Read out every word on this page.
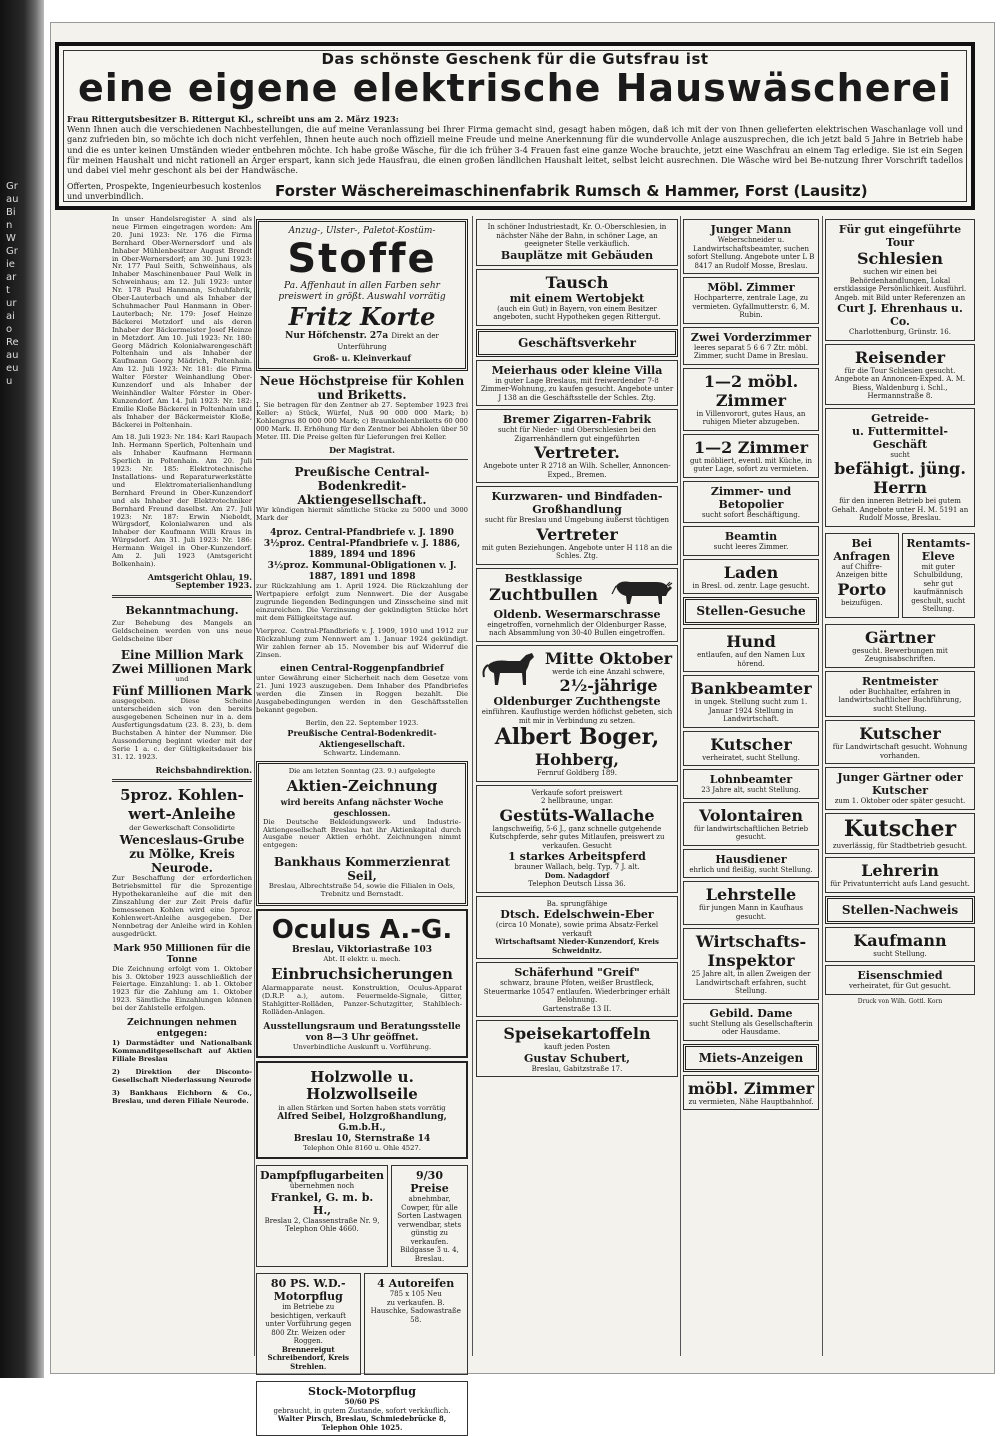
Gr
au
Bi
n
W
Gr
ie
ar
t
ur
ai
o
Re
au
eu
u
Das schönste Geschenk für die Gutsfrau ist
eine eigene elektrische Hauswäscherei
Frau Rittergutsbesitzer B. Rittergut Kl., schreibt uns am 2. März 1923:
Wenn Ihnen auch die verschiedenen Nachbestellungen, die auf meine Veranlassung bei Ihrer Firma gemacht sind, gesagt haben mögen, daß ich mit der von Ihnen gelieferten elektrischen Waschanlage voll und ganz zufrieden bin, so möchte ich doch nicht verfehlen, Ihnen heute auch noch offiziell meine Freude und meine Anerkennung für die wundervolle Anlage auszusprechen, die ich jetzt bald 5 Jahre in Betrieb habe und die es unter keinen Umständen wieder entbehren möchte. Ich habe große Wäsche, für die ich früher 3-4 Frauen fast eine ganze Woche brauchte, jetzt eine Waschfrau an einem Tag erledige. Sie ist ein Segen für meinen Haushalt und nicht rationell an Ärger erspart, kann sich jede Hausfrau, die einen großen ländlichen Haushalt leitet, selbst leicht ausrechnen. Die Wäsche wird bei Be-nutzung Ihrer Vorschrift tadellos und dabei viel mehr geschont als bei der Handwäsche.
Offerten, Prospekte, Ingenieurbesuch kostenlos und unverbindlich.	Forster Wäschereimaschinenfabrik Rumsch & Hammer, Forst (Lausitz)
In unser Handelsregister A sind als neue Firmen eingetragen worden: Am 20. Juni 1923: Nr. 176 die Firma Bernhard Ober-Wernersdorf und als Inhaber Mühlenbesitzer August Brendt in Ober-Wernersdorf; am 30. Juni 1923: Nr. 177 Paul Seith, Schweinhaus, als Inhaber Maschinenbauer Paul Welk in Schweinhaus; am 12. Juli 1923: unter Nr. 178 Paul Hanmann, Schuhfabrik, Ober-Lauterbach und als Inhaber der Schuhmacher Paul Hanmann in Ober-Lauterbach; Nr. 179: Josef Heinze Bäckerei Metzdorf und als deren Inhaber der Bäckermeister Josef Heinze in Metzdorf. Am 10. Juli 1923: Nr. 180: Georg Mädrich Kolonialwarengeschäft Poltenhain und als Inhaber der Kaufmann Georg Mädrich, Poltenhain. Am 12. Juli 1923: Nr. 181: die Firma Walter Förster Weinhandlung Ober-Kunzendorf und als Inhaber der Weinhändler Walter Förster in Ober-Kunzendorf. Am 14. Juli 1923: Nr. 182: Emilie Kloße Bäckerei in Poltenhain und als Inhaber der Bäckermeister Kloße, Bäckerei in Poltenhain.
Am 18. Juli 1923: Nr. 184: Karl Raupach Inh. Hermann Sperlich, Poltenhain und als Inhaber Kaufmann Hermann Sperlich in Poltenhain. Am 20. Juli 1923: Nr. 185: Elektrotechnische Installations- und Reparaturwerkstätte und Elektromaterialienhandlung Bernhard Freund in Ober-Kunzendorf und als Inhaber der Elektrotechniker Bernhard Freund daselbst. Am 27. Juli 1923: Nr. 187: Erwin Nieboldt, Würgsdorf, Kolonialwaren und als Inhaber der Kaufmann Willi Kraus in Würgsdorf. Am 31. Juli 1923: Nr. 186: Hermann Weigel in Ober-Kunzendorf. Am 2. Juli 1923 (Amtsgericht Bolkenhain).
Amtsgericht Ohlau, 19. September 1923.
Bekanntmachung.
Zur Behebung des Mangels an Geldscheinen werden von uns neue Geldscheine über
Eine Million Mark
Zwei Millionen Mark
und
Fünf Millionen Mark
ausgegeben. Diese Scheine unterscheiden sich von den bereits ausgegebenen Scheinen nur in a. dem Ausfertigungsdatum (23. 8. 23), b. dem Buchstaben A hinter der Nummer. Die Aussonderung beginnt wieder mit der Serie 1 a. c. der Gültigkeitsdauer bis 31. 12. 1923.
Reichsbahndirektion.
5proz. Kohlen-
wert-Anleihe
der Gewerkschaft Consolidirte
Wenceslaus-Grube
zu Mölke, Kreis Neurode.
Zur Beschaffung der erforderlichen Betriebsmittel für die Sprozentige Hypothekaranleihe auf die mit den Zinszahlung der zur Zeit Preis dafür bemessenen Kohlen wird eine 5proz. Kohlenwert-Anleihe ausgegeben. Der Nennbetrag der Anleihe wird in Kohlen ausgedrückt.
Mark 950 Millionen für die Tonne
Die Zeichnung erfolgt vom 1. Oktober bis 3. Oktober 1923 ausschließlich der Feiertage. Einzahlung: 1. ab 1. Oktober 1923 für die Zahlung am 1. Oktober 1923. Sämtliche Einzahlungen können bei der Zahlstelle erfolgen.
Zeichnungen nehmen entgegen:
1) Darmstädter und Nationalbank Kommanditgesellschaft auf Aktien Filiale Breslau
2) Direktion der Disconto-Gesellschaft Niederlassung Neurode
3) Bankhaus Eichborn & Co., Breslau, und deren Filiale Neurode.
Anzug-, Ulster-, Paletot-Kostüm-
Stoffe
Pa. Affenhaut in allen Farben sehr preiswert in größt. Auswahl vorrätig
Fritz Korte
Nur Höfchenstr. 27a Direkt an der Unterführung
Groß- u. Kleinverkauf
Neue Höchstpreise für Kohlen und Briketts.
I. Sie betragen für den Zentner ab 27. September 1923 frei Keller: a) Stück, Würfel, Nuß 90 000 000 Mark; b) Kohlengrus 80 000 000 Mark; c) Braunkohlenbriketts 60 000 000 Mark. II. Erhöhung für den Zentner bei Abholen über 50 Meter. III. Die Preise gelten für Lieferungen frei Keller.
Der Magistrat.
Preußische Central-Bodenkredit-Aktiengesellschaft.
Wir kündigen hiermit sämtliche Stücke zu 5000 und 3000 Mark der
4proz. Central-Pfandbriefe v. J. 1890
3½proz. Central-Pfandbriefe v. J. 1886, 1889, 1894 und 1896
3½proz. Kommunal-Obligationen v. J. 1887, 1891 und 1898
zur Rückzahlung am 1. April 1924. Die Rückzahlung der Wertpapiere erfolgt zum Nennwert. Die der Ausgabe zugrunde liegenden Bedingungen und Zinsscheine sind mit einzureichen. Die Verzinsung der gekündigten Stücke hört mit dem Fälligkeitstage auf.
Vierproz. Central-Pfandbriefe v. J. 1909, 1910 und 1912 zur Rückzahlung zum Nennwert am 1. Januar 1924 gekündigt. Wir zahlen ferner ab 15. November bis auf Widerruf die Zinsen.
einen Central-Roggenpfandbrief
unter Gewährung einer Sicherheit nach dem Gesetze vom 21. Juni 1923 auszugeben. Dem Inhaber des Pfandbriefes werden die Zinsen in Roggen bezahlt. Die Ausgabebedingungen werden in den Geschäftsstellen bekannt gegeben.
Berlin, den 22. September 1923.
Preußische Central-Bodenkredit-Aktiengesellschaft.
Schwartz. Lindemann.
Die am letzten Sonntag (23. 9.) aufgelegte
Aktien-Zeichnung
wird bereits Anfang nächster Woche geschlossen.
Die Deutsche Bekleidungswerk- und Industrie-Aktiengesellschaft Breslau hat ihr Aktienkapital durch Ausgabe neuer Aktien erhöht. Zeichnungen nimmt entgegen:
Bankhaus Kommerzienrat Seil,
Breslau, Albrechtstraße 54, sowie die Filialen in Oels, Trebnitz und Bernstadt.
Oculus A.-G.
Breslau, Viktoriastraße 103
Abt. II elektr. u. mech.
Einbruchsicherungen
Alarmapparate neust. Konstruktion, Oculus-Apparat (D.R.P. a.), autom. Feuermelde-Signale, Gitter, Stahlgitter-Rolläden, Panzer-Schutzgitter, Stahlblech-Rolläden-Anlagen.
Ausstellungsraum und Beratungsstelle
von 8—3 Uhr geöffnet.
Unverbindliche Auskunft u. Vorführung.
Holzwolle u. Holzwollseile
in allen Stärken und Sorten haben stets vorrätig
Alfred Seibel, Holzgroßhandlung, G.m.b.H.,
Breslau 10, Sternstraße 14
Telephon Ohle 8160 u. Ohle 4527.
Dampfpflugarbeiten
übernehmen noch
Frankel, G. m. b. H.,
Breslau 2, Claassenstraße Nr. 9,
Telephon Ohle 4660.
9/30 Preise
abnehmbar, Cowper, für alle Sorten Lastwagen verwendbar, stets günstig zu verkaufen. Bildgasse 3 u. 4, Breslau.
80 PS. W.D.-Motorpflug
im Betriebe zu besichtigen, verkauft unter Vorführung gegen 800 Ztr. Weizen oder Roggen.
Brennereigut Schreibendorf, Kreis Strehlen.
4 Autoreifen
785 x 105 Neu
zu verkaufen. B. Hauschke, Sadowastraße 58.
Stock-Motorpflug
50/60 PS
gebraucht, in gutem Zustande, sofort verkäuflich.
Walter Pirsch, Breslau, Schmiedebrücke 8, Telephon Ohle 1025.
In schöner Industriestadt, Kr. O.-Oberschlesien, in nächster Nähe der Bahn, in schöner Lage, an geeigneter Stelle verkäuflich.
Bauplätze mit Gebäuden
Tausch
mit einem Wertobjekt
(auch ein Gut) in Bayern, von einem Besitzer angeboten, sucht Hypotheken gegen Rittergut.
Geschäftsverkehr
Meierhaus oder kleine Villa
in guter Lage Breslaus, mit freiwerdender 7-8 Zimmer-Wohnung, zu kaufen gesucht. Angebote unter J 138 an die Geschäftsstelle der Schles. Ztg.
Bremer Zigarren-Fabrik
sucht für Nieder- und Oberschlesien bei den Zigarrenhändlern gut eingeführten
Vertreter.
Angebote unter R 2718 an Wilh. Scheller, Annoncen-Exped., Bremen.
Kurzwaren- und Bindfaden-Großhandlung
sucht für Breslau und Umgebung äußerst tüchtigen
Vertreter
mit guten Beziehungen. Angebote unter H 118 an die Schles. Ztg.
Bestklassige
Zuchtbullen
Oldenb. Wesermarschrasse
eingetroffen, vornehmlich der Oldenburger Rasse, nach Absammlung von 30-40 Bullen eingetroffen.
Mitte Oktober
werde ich eine Anzahl schwere,
2½-jährige
Oldenburger Zuchthengste
einführen. Kauflustige werden höflichst gebeten, sich mit mir in Verbindung zu setzen.
Albert Boger,
Hohberg,
Fernruf Goldberg 189.
Verkaufe sofort preiswert
2 hellbraune, ungar.
Gestüts-Wallache
langschweifig, 5-6 J., ganz schnelle gutgehende Kutschpferde, sehr gutes Mitlaufen, preiswert zu verkaufen. Gesucht
1 starkes Arbeitspferd
brauner Wallach, belg. Typ, 7 J. alt.
Dom. Nadagdorf
Telephon Deutsch Lissa 36.
Ba. sprungfähige
Dtsch. Edelschwein-Eber
(circa 10 Monate), sowie prima Absatz-Ferkel verkauft
Wirtschaftsamt Nieder-Kunzendorf, Kreis Schweidnitz.
Schäferhund "Greif"
schwarz, braune Pfoten, weißer Brustfleck, Steuermarke 10547 entlaufen. Wiederbringer erhält Belohnung.
Gartenstraße 13 II.
Speisekartoffeln
kauft jeden Posten
Gustav Schubert,
Breslau, Gabitzstraße 17.
Junger Mann
Weberschneider u. Landwirtschaftsbeamter, suchen sofort Stellung. Angebote unter L B 8417 an Rudolf Mosse, Breslau.
Möbl. Zimmer
Hochparterre, zentrale Lage, zu vermieten. Gyfallmutterstr. 6, M. Rubin.
Zwei Vorderzimmer
leeres separat 5 6 6 7 Ztr. möbl. Zimmer, sucht Dame in Breslau.
1—2 möbl. Zimmer
in Villenvorort, gutes Haus, an ruhigen Mieter abzugeben.
1—2 Zimmer
gut möbliert, eventl. mit Küche, in guter Lage, sofort zu vermieten.
Zimmer- und Betopolier
sucht sofort Beschäftigung.
Beamtin
sucht leeres Zimmer.
Laden
in Bresl. od. zentr. Lage gesucht.
Stellen-Gesuche
Hund
entlaufen, auf den Namen Lux hörend.
Bankbeamter
in ungek. Stellung sucht zum 1. Januar 1924 Stellung in Landwirtschaft.
Kutscher
verheiratet, sucht Stellung.
Lohnbeamter
23 Jahre alt, sucht Stellung.
Volontairen
für landwirtschaftlichen Betrieb gesucht.
Hausdiener
ehrlich und fleißig, sucht Stellung.
Lehrstelle
für jungen Mann in Kaufhaus gesucht.
Wirtschafts-Inspektor
25 Jahre alt, in allen Zweigen der Landwirtschaft erfahren, sucht Stellung.
Gebild. Dame
sucht Stellung als Gesellschafterin oder Hausdame.
Miets-Anzeigen
möbl. Zimmer
zu vermieten, Nähe Hauptbahnhof.
Für gut eingeführte Tour
Schlesien
suchen wir einen bei Behördenhandlungen, Lokal erstklassige Persönlichkeit. Ausführl. Angeb. mit Bild unter Referenzen an
Curt J. Ehrenhaus u. Co.
Charlottenburg, Grünstr. 16.
Reisender
für die Tour Schlesien gesucht. Angebote an Annoncen-Exped. A. M. Biess, Waldenburg i. Schl., Hermannstraße 8.
Getreide-
u. Futtermittel-Geschäft
sucht
befähigt. jüng. Herrn
für den inneren Betrieb bei gutem Gehalt. Angebote unter H. M. 5191 an Rudolf Mosse, Breslau.
Bei Anfragen
auf Chiffre-Anzeigen bitte
Porto
beizufügen.
Rentamts-Eleve
mit guter Schulbildung, sehr gut kaufmännisch geschult, sucht Stellung.
Gärtner
gesucht. Bewerbungen mit Zeugnisabschriften.
Rentmeister
oder Buchhalter, erfahren in landwirtschaftlicher Buchführung, sucht Stellung.
Kutscher
für Landwirtschaft gesucht. Wohnung vorhanden.
Junger Gärtner oder Kutscher
zum 1. Oktober oder später gesucht.
Kutscher
zuverlässig, für Stadtbetrieb gesucht.
Lehrerin
für Privatunterricht aufs Land gesucht.
Stellen-Nachweis
Kaufmann
sucht Stellung.
Eisenschmied
verheiratet, für Gut gesucht.
Druck von Wilh. Gottl. Korn
